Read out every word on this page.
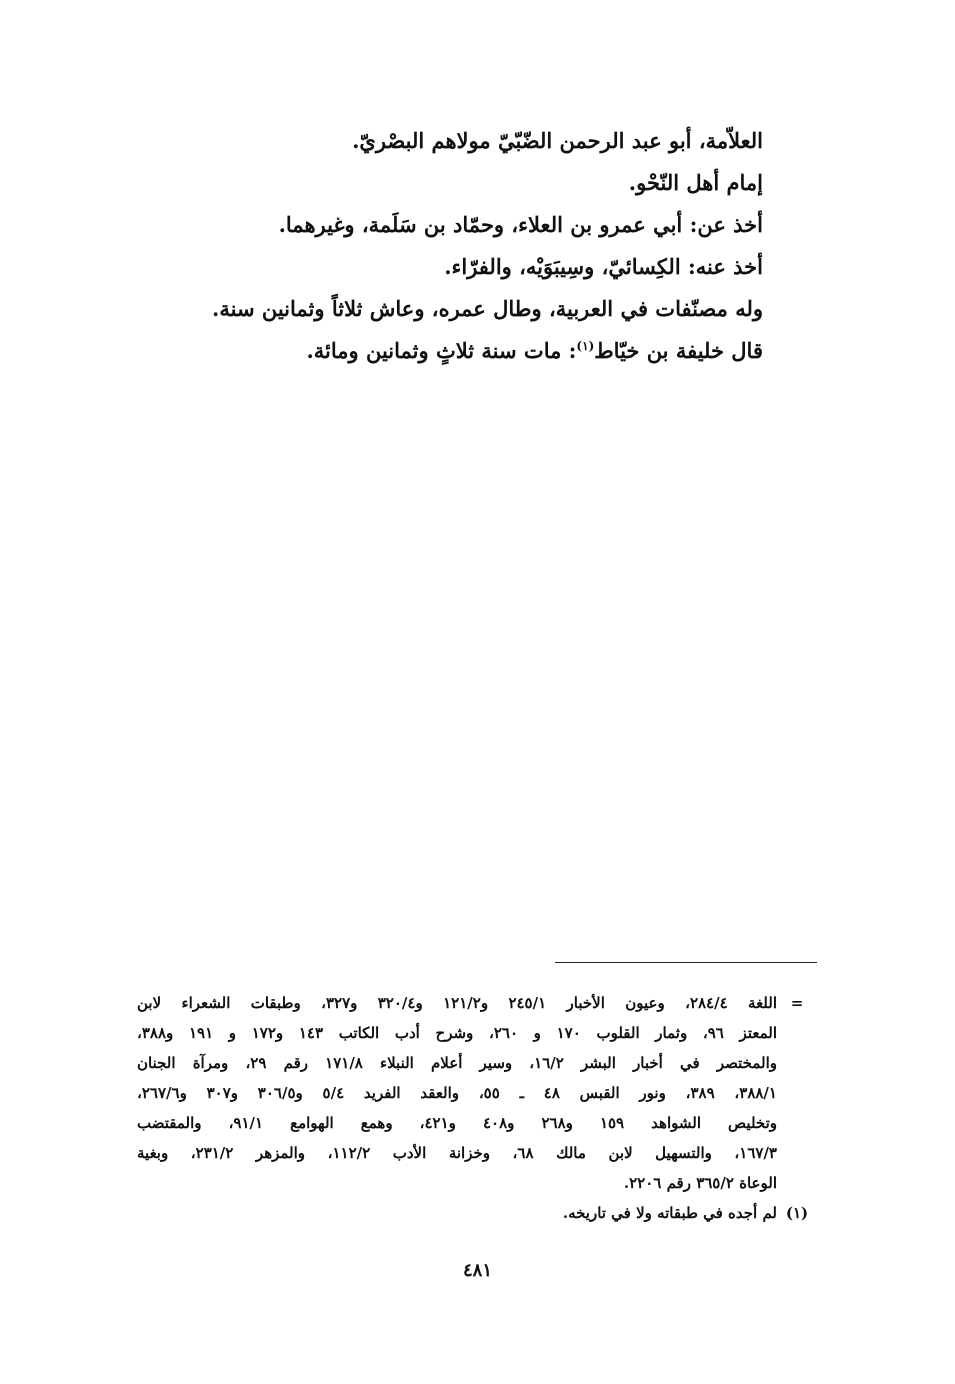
العلاّمة، أبو عبد الرحمن الضّبّيّ مولاهم البصْريّ.
إمام أهل النّحْو.
أخذ عن: أبي عمرو بن العلاء، وحمّاد بن سَلَمة، وغيرهما.
أخذ عنه: الكِسائيّ، وسِيبَوَيْه، والفرّاء.
وله مصنّفات في العربية، وطال عمره، وعاش ثلاثاً وثمانين سنة.
قال خليفة بن خيّاط$^{(١)}$: مات سنة ثلاثٍ وثمانين ومائة.
=
اللغة ٢٨٤/٤، وعيون الأخبار ٢٤٥/١ و١٢١/٢ و٣٢٠/٤ و٣٢٧، وطبقات الشعراء لابن
المعتز ٩٦، وثمار القلوب ١٧٠ و ٢٦٠، وشرح أدب الكاتب ١٤٣ و١٧٢ و ١٩١ و٣٨٨،
والمختصر في أخبار البشر ١٦/٢، وسير أعلام النبلاء ١٧١/٨ رقم ٢٩، ومرآة الجنان
٣٨٨/١، ٣٨٩، ونور القبس ٤٨ ـ ٥٥، والعقد الفريد ٥/٤ و٣٠٦/٥ و٣٠٧ و٢٦٧/٦،
وتخليص الشواهد ١٥٩ و٢٦٨ و٤٠٨ و٤٢١، وهمع الهوامع ٩١/١، والمقتضب
١٦٧/٣، والتسهيل لابن مالك ٦٨، وخزانة الأدب ١١٢/٢، والمزهر ٢٣١/٢، وبغية
الوعاة ٣٦٥/٢ رقم ٢٢٠٦.
(١)
لم أجده في طبقاته ولا في تاريخه.
٤٨١
